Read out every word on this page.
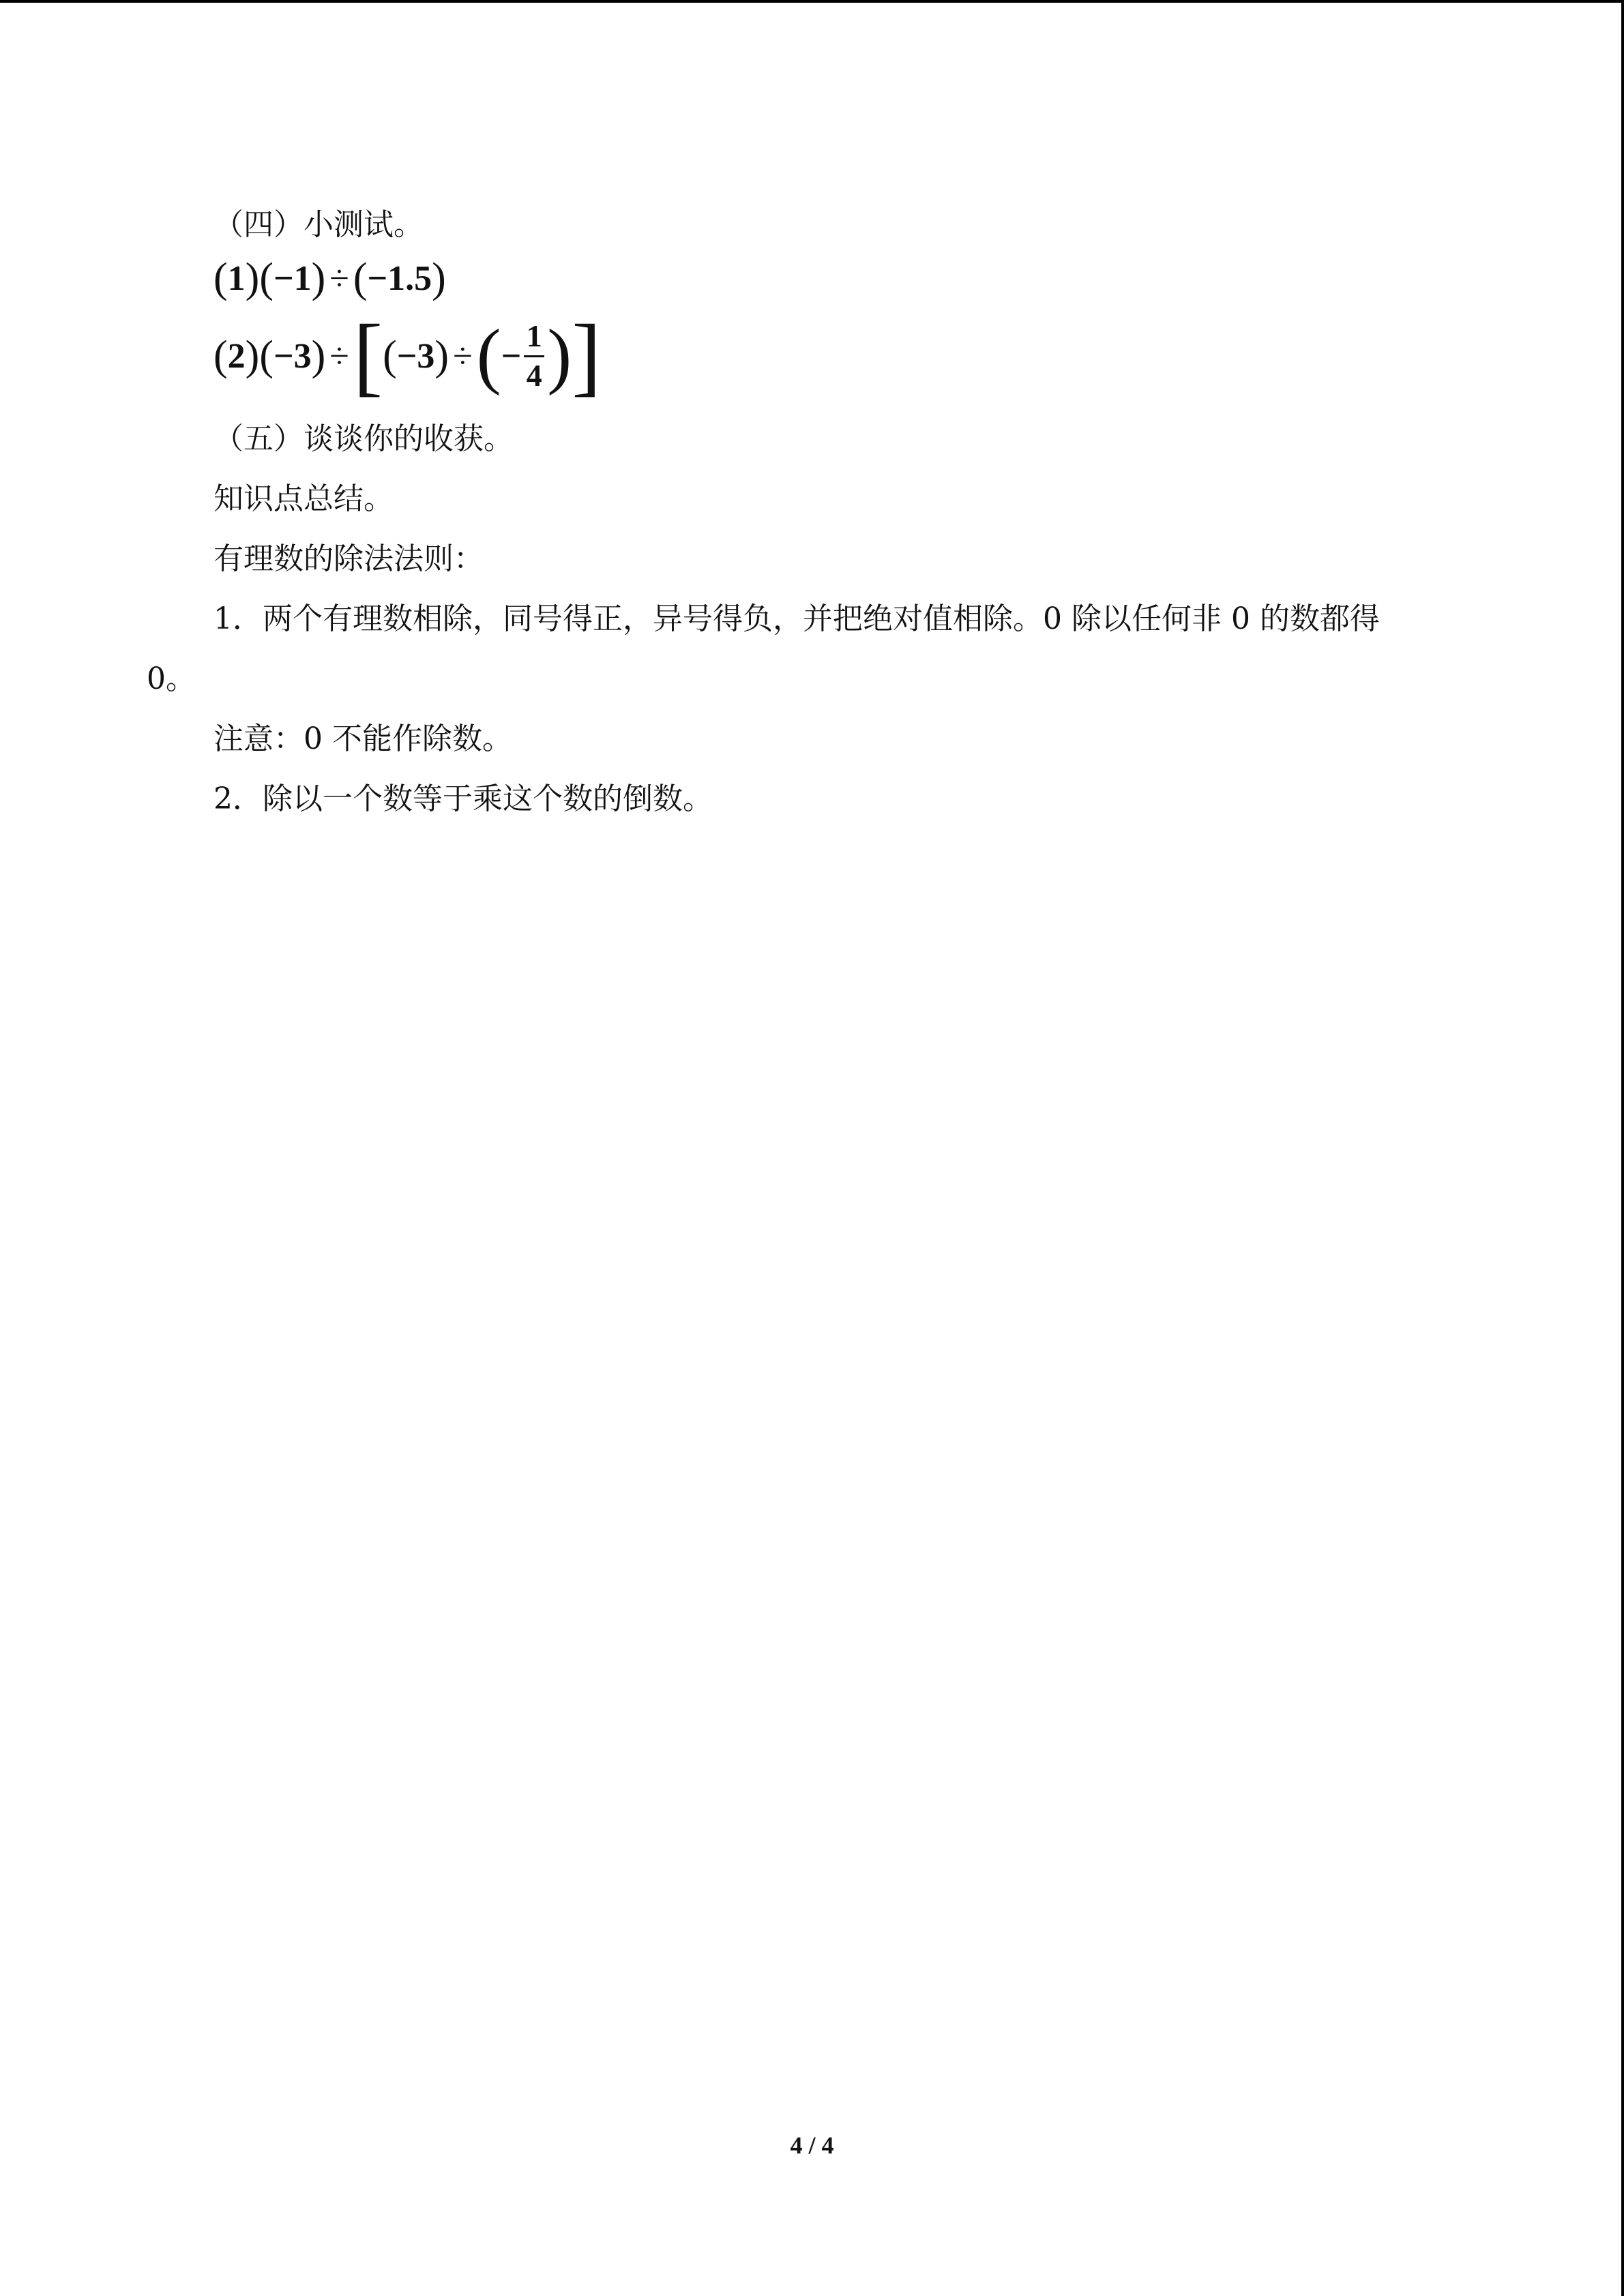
（四）小测试。
( 1 ) ( −1 ) ÷ ( −1.5 )
( 2 ) ( −3 ) ÷ [ ( −3 ) ÷ ( − $\frac{1}{4}$ ) ]
（五）谈谈你的收获。
知识点总结。
有理数的除法法则：
1．两个有理数相除，同号得正，异号得负，并把绝对值相除。0 除以任何非 0 的数都得
0。
注意：0 不能作除数。
2．除以一个数等于乘这个数的倒数。
4 / 4
